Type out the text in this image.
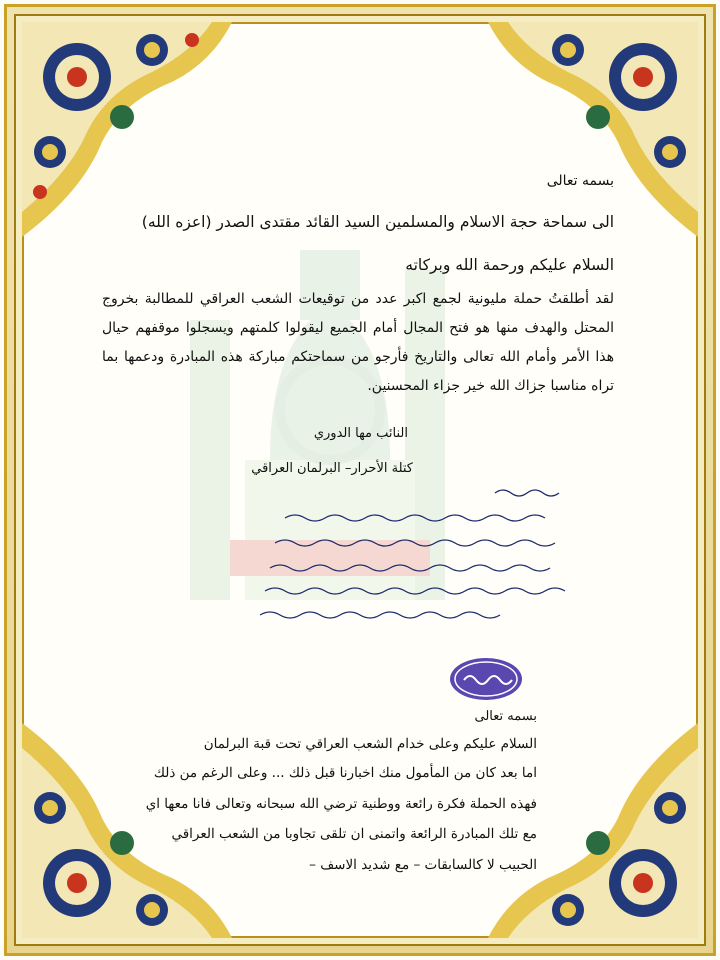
بسمه تعالى
الى سماحة حجة الاسلام والمسلمين السيد القائد مقتدى الصدر (اعزه الله)
السلام عليكم ورحمة الله وبركاته
لقد أطلقتُ حملة مليونية لجمع اكبر عدد من توقيعات الشعب العراقي للمطالبة بخروج المحتل والهدف منها هو فتح المجال أمام الجميع ليقولوا كلمتهم ويسجلوا موقفهم حيال هذا الأمر وأمام الله تعالى والتاريخ فأرجو من سماحتكم مباركة هذه المبادرة ودعمها بما تراه مناسبا جزاك الله خير جزاء المحسنين.
النائب مها الدوري
كتلة الأحرار– البرلمان العراقي
بسمه تعالى
السلام عليكم وعلى خدام الشعب العراقي تحت قبة البرلمان
اما بعد كان من المأمول منك اخبارنا قبل ذلك ... وعلى الرغم من ذلك
فهذه الحملة فكرة رائعة ووطنية ترضي الله سبحانه وتعالى فانا معها اي
مع تلك المبادرة الرائعة واتمنى ان تلقى تجاوبا من الشعب العراقي
الحبيب لا كالسابقات – مع شديد الاسف –
